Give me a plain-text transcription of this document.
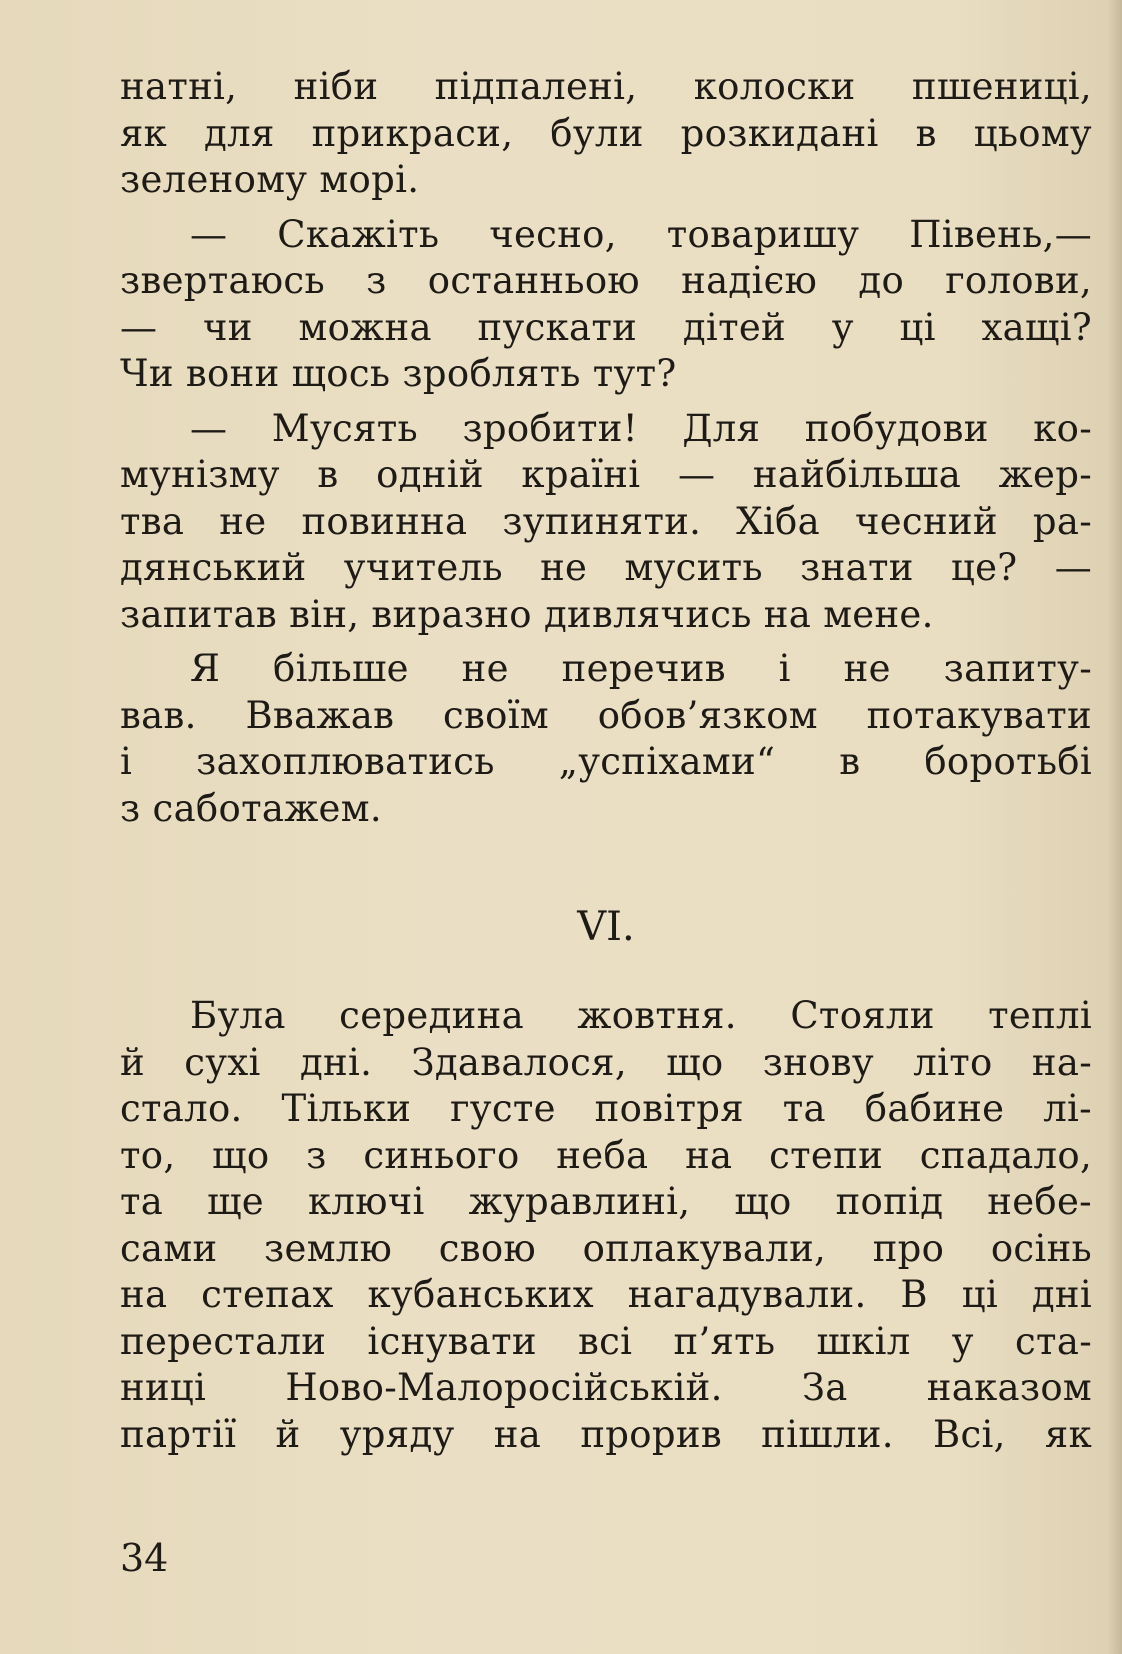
натні, ніби підпалені, колоски пшениці,
як для прикраси, були розкидані в цьому
зеленому морі.
— Скажіть чесно, товаришу Півень,—
звертаюсь з останньою надією до голови,
— чи можна пускати дітей у ці хащі?
Чи вони щось зроблять тут?
— Мусять зробити! Для побудови ко-
мунізму в одній країні — найбільша жер-
тва не повинна зупиняти. Хіба чесний ра-
дянський учитель не мусить знати це? —
запитав він, виразно дивлячись на мене.
Я більше не перечив і не запиту-
вав. Вважав своїм обов’язком потакувати
і захоплюватись „успіхами“ в боротьбі
з саботажем.
VI.
Була середина жовтня. Стояли теплі
й сухі дні. Здавалося, що знову літо на-
стало. Тільки густе повітря та бабине лі-
то, що з синього неба на степи спадало,
та ще ключі журавлині, що попід небе-
сами землю свою оплакували, про осінь
на степах кубанських нагадували. В ці дні
перестали існувати всі п’ять шкіл у ста-
ниці Ново-Малоросійській. За наказом
партії й уряду на прорив пішли. Всі, як
34
